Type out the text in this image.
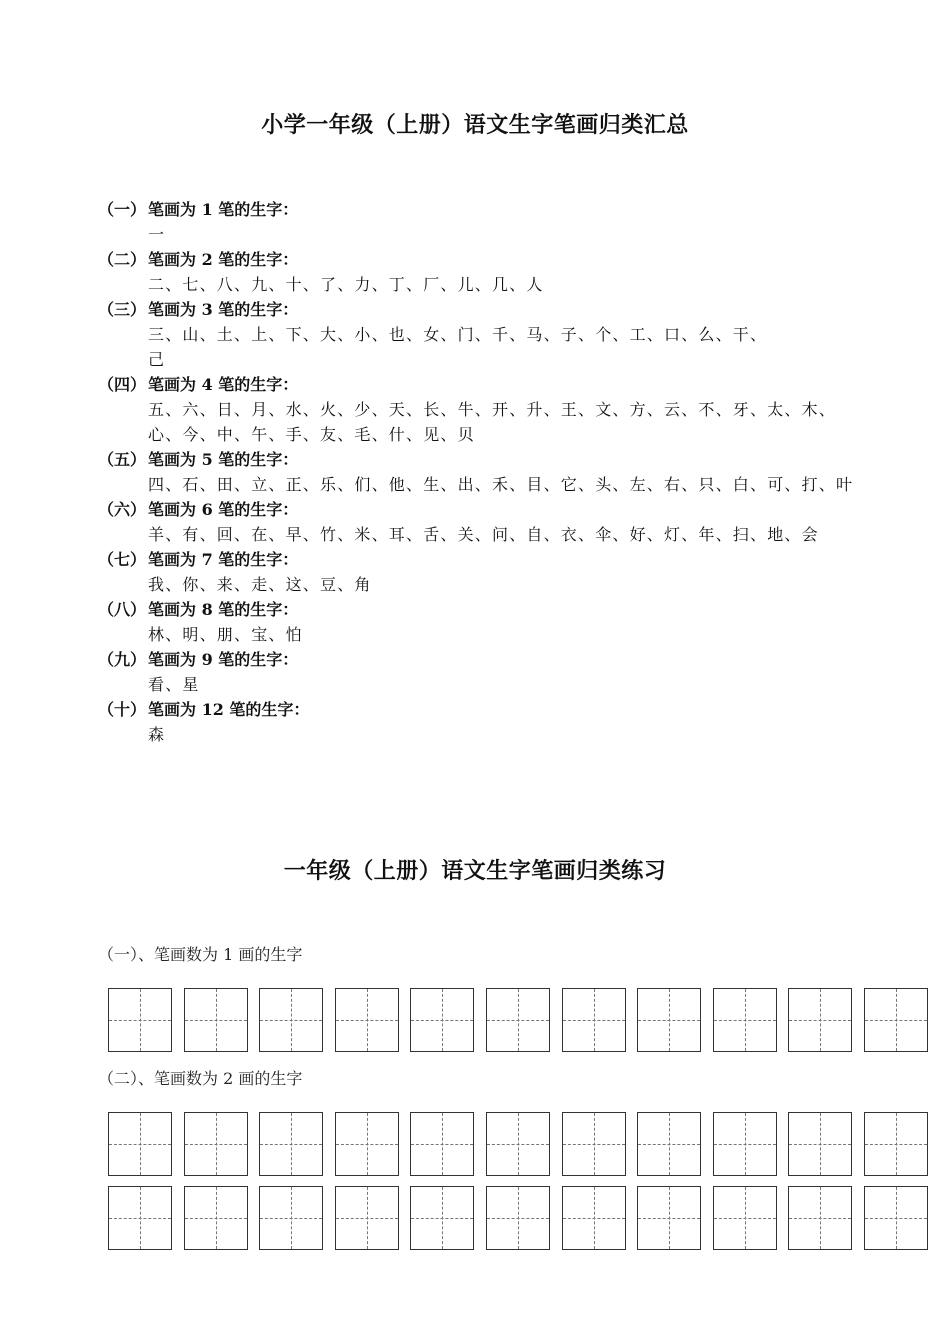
小学一年级（上册）语文生字笔画归类汇总
（一） 笔画为 1 笔的生字：
一
（二） 笔画为 2 笔的生字：
二、七、八、九、十、了、力、丁、厂、儿、几、人
（三） 笔画为 3 笔的生字：
三、山、土、上、下、大、小、也、女、门、千、马、子、个、工、口、么、干、己
（四） 笔画为 4 笔的生字：
五、六、日、月、水、火、少、天、长、牛、开、升、王、文、方、云、不、牙、太、木、心、今、中、午、手、友、毛、什、见、贝
（五） 笔画为 5 笔的生字：
四、石、田、立、正、乐、们、他、生、出、禾、目、它、头、左、右、只、白、可、打、叶
（六） 笔画为 6 笔的生字：
羊、有、回、在、早、竹、米、耳、舌、关、问、自、衣、伞、好、灯、年、扫、地、会
（七） 笔画为 7 笔的生字：
我、你、来、走、这、豆、角
（八） 笔画为 8 笔的生字：
林、明、朋、宝、怕
（九） 笔画为 9 笔的生字：
看、星
（十） 笔画为 12 笔的生字：
森
一年级（上册）语文生字笔画归类练习
（一）、笔画数为 1 画的生字
（二）、笔画数为 2 画的生字
